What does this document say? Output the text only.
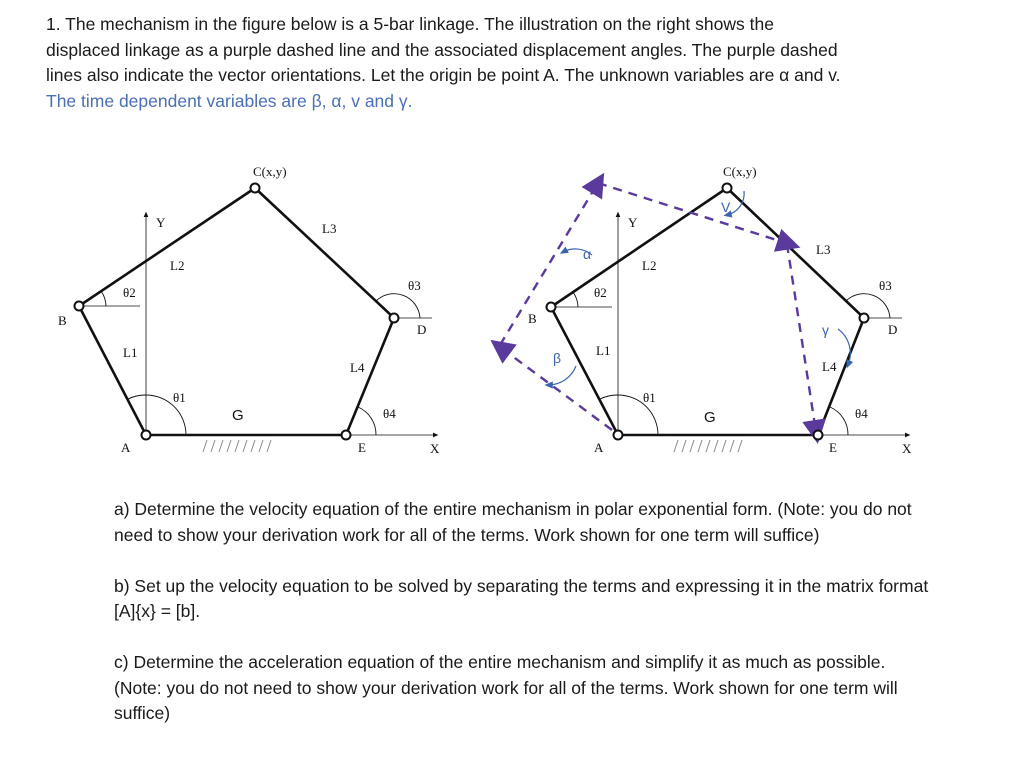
1. The mechanism in the figure below is a 5-bar linkage. The illustration on the right shows the
displaced linkage as a purple dashed line and the associated displacement angles. The purple dashed
lines also indicate the vector orientations. Let the origin be point A. The unknown variables are α and v.
The time dependent variables are β, α, v and γ.
C(x,y)
Y
X
B
D
A	E
G
L1
L2
L3
L4
θ1
θ2	θ3
θ4
C(x,y)
Y
X
B
D
A	E
G
L1
L2
L3
L4
θ1
θ2	θ3
θ4
α
β
V
γ

a) Determine the velocity equation of the entire mechanism in polar exponential form. (Note: you do not need to show your derivation work for all of the terms. Work shown for one term will suffice)

b) Set up the velocity equation to be solved by separating the terms and expressing it in the matrix format [A]{x} = [b].

c) Determine the acceleration equation of the entire mechanism and simplify it as much as possible. (Note: you do not need to show your derivation work for all of the terms. Work shown for one term will suffice)
